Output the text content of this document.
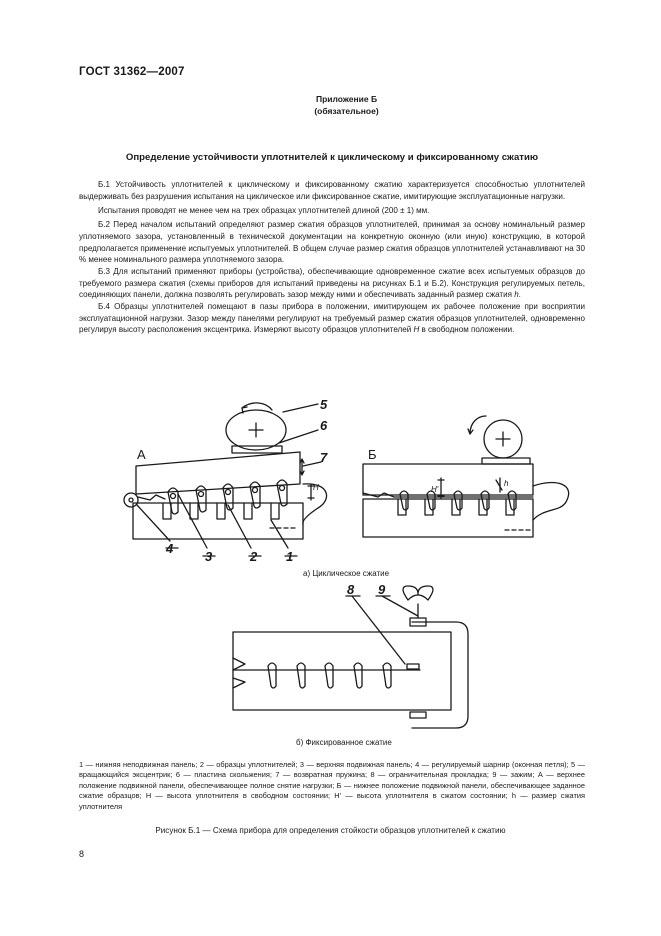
ГОСТ 31362—2007
Приложение Б
(обязательное)
Определение устойчивости уплотнителей к циклическому и фиксированному сжатию

Б.1 Устойчивость уплотнителей к циклическому и фиксированному сжатию характеризуется способностью уплотнителей выдерживать без разрушения испытания на циклическое или фиксированное сжатие, имитирующие эксплуатационные нагрузки.

Испытания проводят не менее чем на трех образцах уплотнителей длиной (200 ± 1) мм.

Б.2 Перед началом испытаний определяют размер сжатия образцов уплотнителей, принимая за основу номинальный размер уплотняемого зазора, установленный в технической документации на конкретную оконную (или иную) конструкцию, в которой предполагается применение испытуемых уплотнителей. В общем случае размер сжатия образцов уплотнителей устанавливают на 30 % менее номинального размера уплотняемого зазора.

Б.3 Для испытаний применяют приборы (устройства), обеспечивающие одновременное сжатие всех испытуемых образцов до требуемого размера сжатия (схемы приборов для испытаний приведены на рисунках Б.1 и Б.2). Конструкция регулируемых петель, соединяющих панели, должна позволять регулировать зазор между ними и обеспечивать заданный размер сжатия h.

Б.4 Образцы уплотнителей помещают в пазы прибора в положении, имитирующем их рабочее положение при восприятии эксплуатационной нагрузки. Зазор между панелями регулируют на требуемый размер сжатия образцов уплотнителей, одновременно регулируя высоту расположения эксцентрика. Измеряют высоту образцов уплотнителей H в свободном положении.

5
6
7
4
3	2 1
8 9
А	Б
H	H'
h
а) Циклическое сжатие
б) Фиксированное сжатие
1 — нижняя неподвижная панель; 2 — образцы уплотнителей; 3 — верхняя подвижная панель; 4 — регулируемый шарнир (оконная петля); 5 — вращающийся эксцентрик; 6 — пластина скольжения; 7 — возвратная пружина; 8 — ограничительная прокладка; 9 — зажим; А — верхнее положение подвижной панели, обеспечивающее полное снятие нагрузки; Б — нижнее положение подвижной панели, обеспечивающее заданное сжатие образцов; H — высота уплотнителя в свободном состоянии; H' — высота уплотнителя в сжатом состоянии; h — размер сжатия уплотнителя
Рисунок Б.1 — Схема прибора для определения стойкости образцов уплотнителей к сжатию
8
